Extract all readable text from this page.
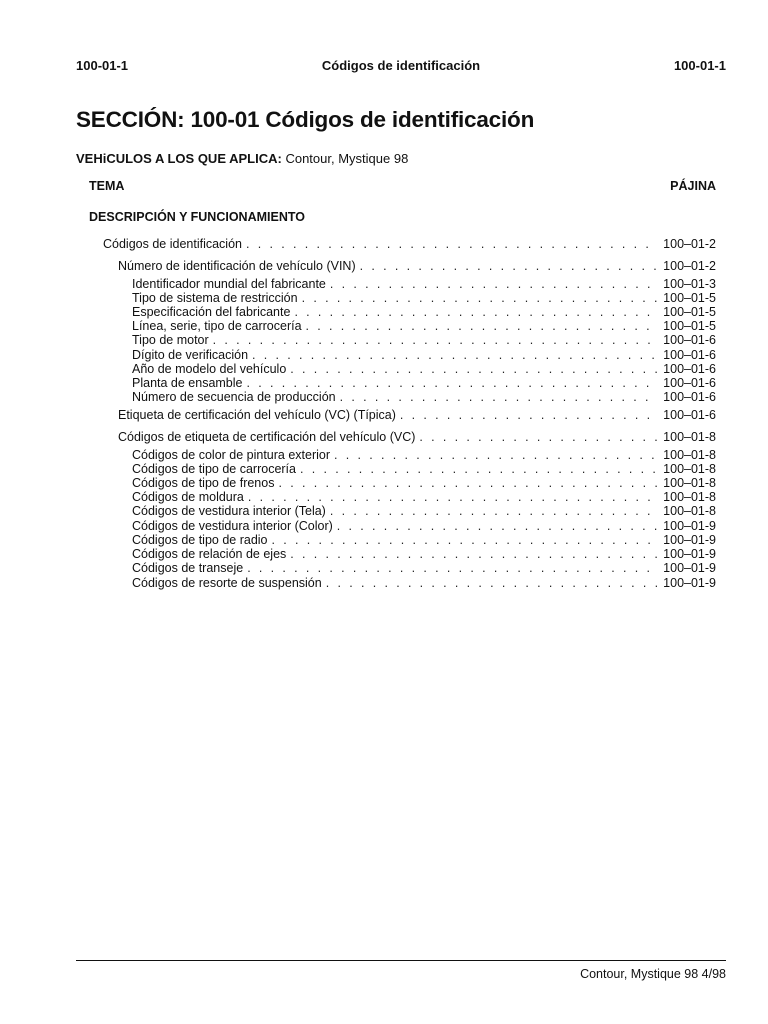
100-01-1	Códigos de identificación	100-01-1
SECCIÓN: 100-01 Códigos de identificación
VEHiCULOS A LOS QUE APLICA: Contour, Mystique 98
TEMA	PÁJINA
DESCRIPCIÓN Y FUNCIONAMIENTO
Códigos de identificación . . .	100–01-2
Número de identificación de vehículo (VIN) . . .	100–01-2
Identificador mundial del fabricante . . .	100–01-3
Tipo de sistema de restricción . . .	100–01-5
Especificación del fabricante . . .	100–01-5
Línea, serie, tipo de carrocería . . .	100–01-5
Tipo de motor . . .	100–01-6
Dígito de verificación . . .	100–01-6
Año de modelo del vehículo . . .	100–01-6
Planta de ensamble . . .	100–01-6
Número de secuencia de producción . . .	100–01-6
Etiqueta de certificación del vehículo (VC) (Típica) . . .	100–01-6
Códigos de etiqueta de certificación del vehículo (VC) . . .	100–01-8
Códigos de color de pintura exterior . . .	100–01-8
Códigos de tipo de carrocería . . .	100–01-8
Códigos de tipo de frenos . . .	100–01-8
Códigos de moldura . . .	100–01-8
Códigos de vestidura interior (Tela) . . .	100–01-8
Códigos de vestidura interior (Color) . . .	100–01-9
Códigos de tipo de radio . . .	100–01-9
Códigos de relación de ejes . . .	100–01-9
Códigos de transeje . . .	100–01-9
Códigos de resorte de suspensión . . .	100–01-9
Contour, Mystique 98 4/98
